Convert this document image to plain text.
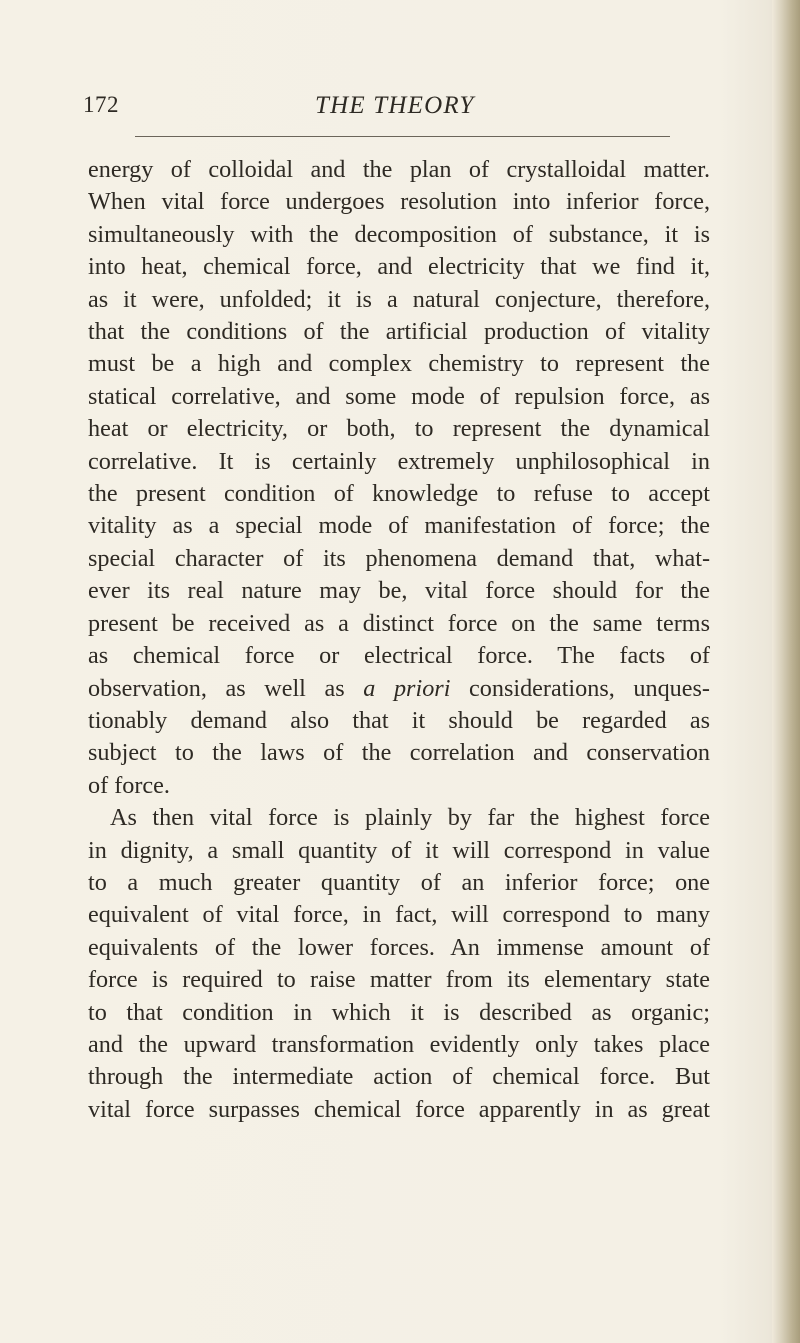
172	THE THEORY
energy of colloidal and the plan of crystalloidal matter.
When vital force undergoes resolution into inferior force,
simultaneously with the decomposition of substance, it is
into heat, chemical force, and electricity that we find it,
as it were, unfolded; it is a natural conjecture, therefore,
that the conditions of the artificial production of vitality
must be a high and complex chemistry to represent the
statical correlative, and some mode of repulsion force, as
heat or electricity, or both, to represent the dynamical
correlative. It is certainly extremely unphilosophical in
the present condition of knowledge to refuse to accept
vitality as a special mode of manifestation of force; the
special character of its phenomena demand that, what-
ever its real nature may be, vital force should for the
present be received as a distinct force on the same terms
as chemical force or electrical force. The facts of
observation, as well as a priori considerations, unques-
tionably demand also that it should be regarded as
subject to the laws of the correlation and conservation
of force.
As then vital force is plainly by far the highest force
in dignity, a small quantity of it will correspond in value
to a much greater quantity of an inferior force; one
equivalent of vital force, in fact, will correspond to many
equivalents of the lower forces. An immense amount of
force is required to raise matter from its elementary state
to that condition in which it is described as organic;
and the upward transformation evidently only takes place
through the intermediate action of chemical force. But
vital force surpasses chemical force apparently in as great
